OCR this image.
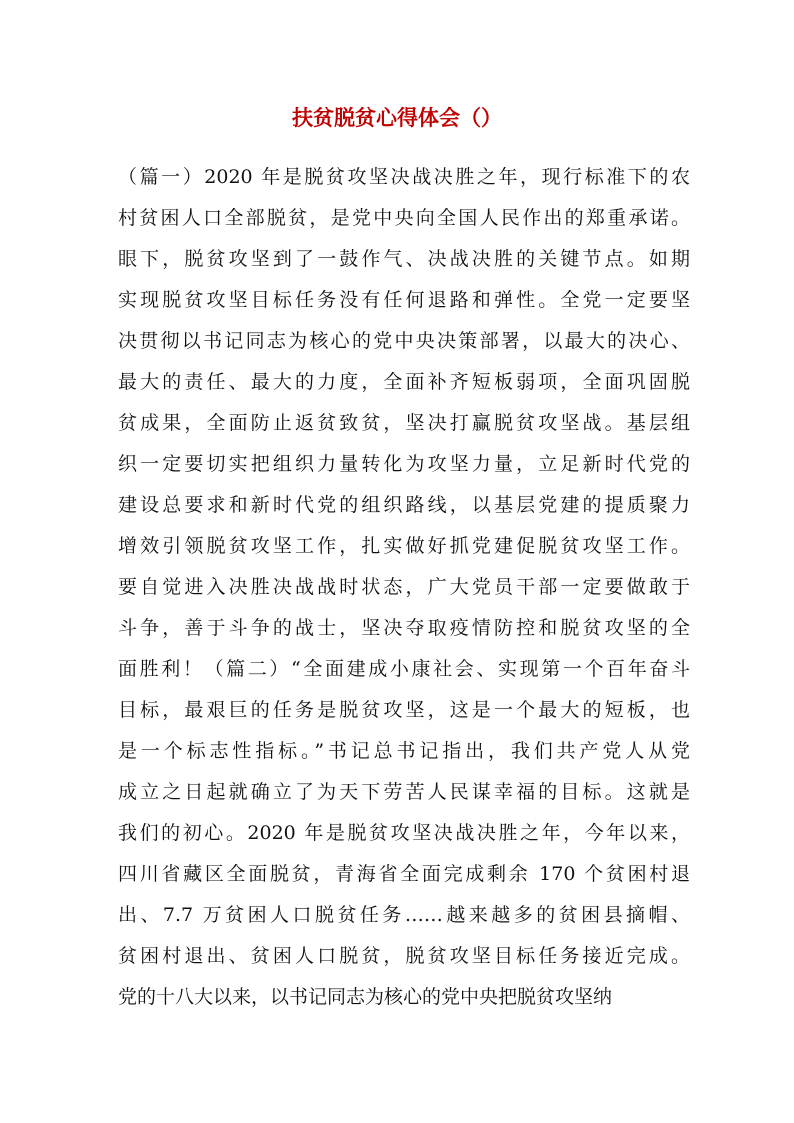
扶贫脱贫心得体会（）
（篇一）2020 年是脱贫攻坚决战决胜之年，现行标准下的农
村贫困人口全部脱贫，是党中央向全国人民作出的郑重承诺。
眼下，脱贫攻坚到了一鼓作气、决战决胜的关键节点。如期
实现脱贫攻坚目标任务没有任何退路和弹性。全党一定要坚
决贯彻以书记同志为核心的党中央决策部署，以最大的决心、
最大的责任、最大的力度，全面补齐短板弱项，全面巩固脱
贫成果，全面防止返贫致贫，坚决打赢脱贫攻坚战。基层组
织一定要切实把组织力量转化为攻坚力量，立足新时代党的
建设总要求和新时代党的组织路线，以基层党建的提质聚力
增效引领脱贫攻坚工作，扎实做好抓党建促脱贫攻坚工作。
要自觉进入决胜决战战时状态，广大党员干部一定要做敢于
斗争，善于斗争的战士，坚决夺取疫情防控和脱贫攻坚的全
面胜利！（篇二）“全面建成小康社会、实现第一个百年奋斗
目标，最艰巨的任务是脱贫攻坚，这是一个最大的短板，也
是一个标志性指标。”书记总书记指出，我们共产党人从党
成立之日起就确立了为天下劳苦人民谋幸福的目标。这就是
我们的初心。2020 年是脱贫攻坚决战决胜之年，今年以来，
四川省藏区全面脱贫，青海省全面完成剩余 170 个贫困村退
出、7.7 万贫困人口脱贫任务……越来越多的贫困县摘帽、
贫困村退出、贫困人口脱贫，脱贫攻坚目标任务接近完成。
党的十八大以来，以书记同志为核心的党中央把脱贫攻坚纳
